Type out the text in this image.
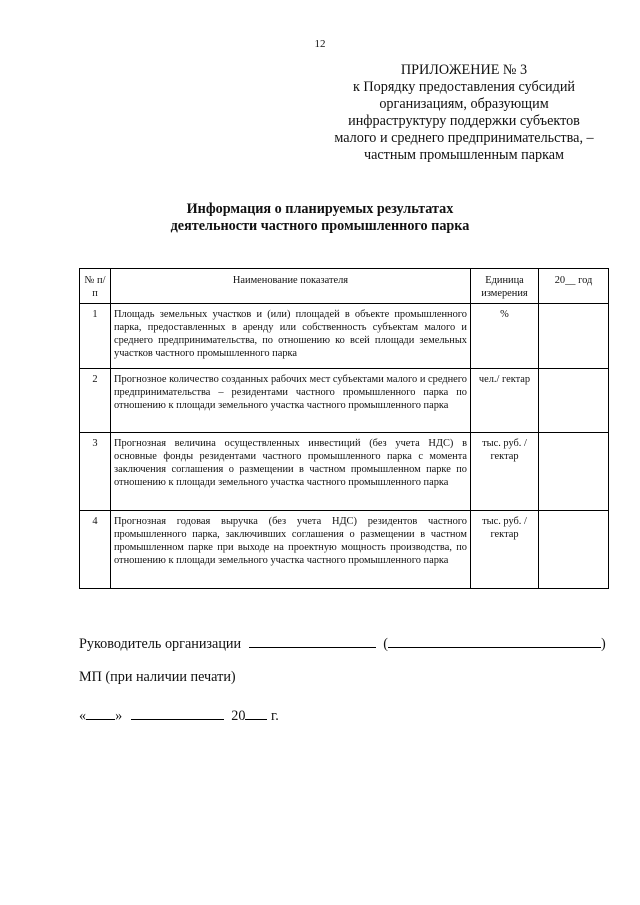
12
ПРИЛОЖЕНИЕ № 3
к Порядку предоставления субсидий
организациям, образующим
инфраструктуру поддержки субъектов
малого и среднего предпринимательства, –
частным промышленным паркам
Информация о планируемых результатах
деятельности частного промышленного парка
№ п/п	Наименование показателя	Единица измерения	20__ год
1	Площадь земельных участков и (или) площадей в объекте промышленного парка, предоставленных в аренду или собственность субъектам малого и среднего предпринимательства, по отношению ко всей площади земельных участков частного промышленного парка	%	
2	Прогнозное количество созданных рабочих мест субъектами малого и среднего предпринимательства – резидентами частного промышленного парка по отношению к площади земельного участка частного промышленного парка	чел./ гектар	
3	Прогнозная величина осуществленных инвестиций (без учета НДС) в основные фонды резидентами частного промышленного парка с момента заключения соглашения о размещении в частном промышленном парке по отношению к площади земельного участка частного промышленного парка	тыс. руб. / гектар	
4	Прогнозная годовая выручка (без учета НДС) резидентов частного промышленного парка, заключивших соглашения о размещении в частном промышленном парке при выходе на проектную мощность производства, по отношению к площади земельного участка частного промышленного парка	тыс. руб. / гектар	
Руководитель организации	(	)
МП (при наличии печати)
« »	20 г.
